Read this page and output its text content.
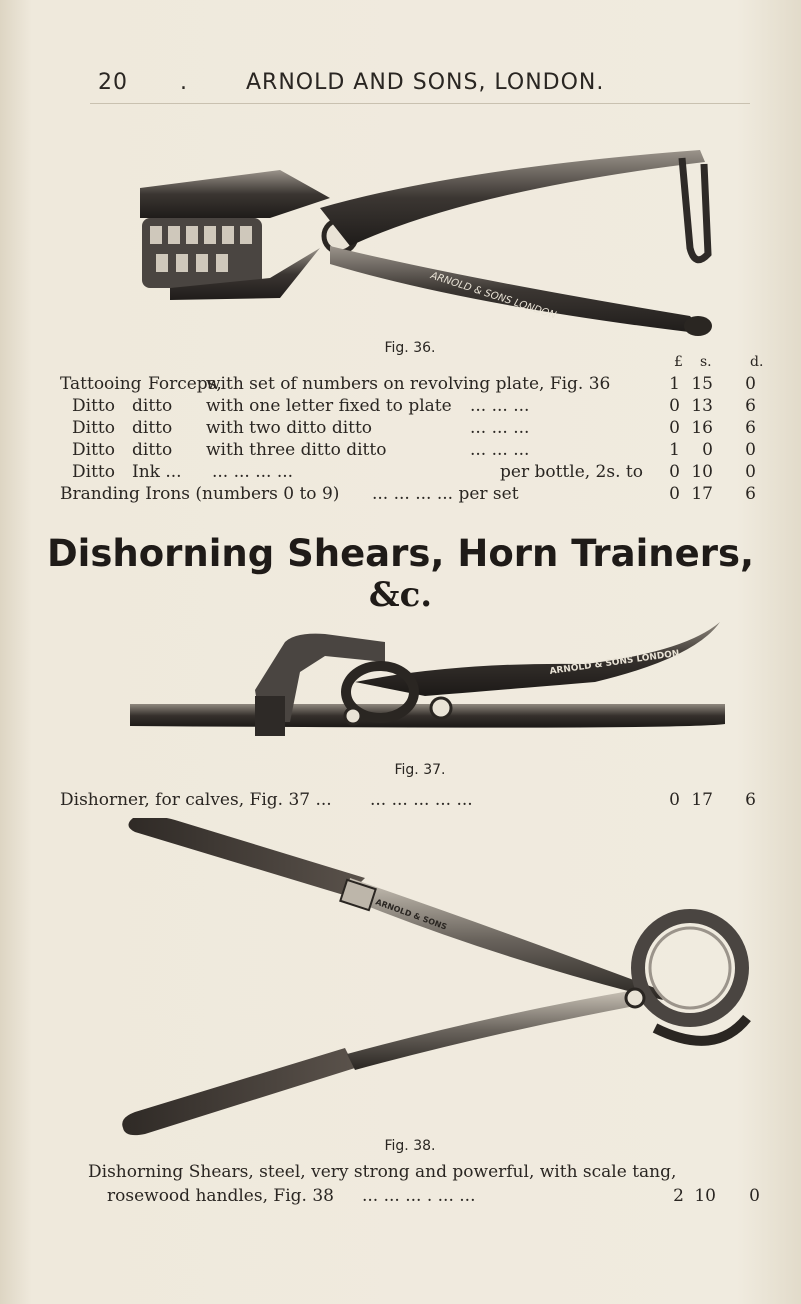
20 .	ARNOLD AND SONS, LONDON.
ARNOLD & SONS LONDON
Fig. 36.
£ s.	d.
Tattooing Forceps,
with set of numbers on revolving plate, Fig. 36	1 15	0
Ditto ditto with one letter fixed to plate ... ... ...	0 13	6
Ditto ditto with two ditto ditto	... ... ...	0 16	6
Ditto ditto with three ditto ditto	... ... ...	1	0	0
Ditto Ink ... ... ... ... ...	per bottle, 2s. to	0 10	0
Branding Irons (numbers 0 to 9) ... ... ... ... per set	0 17	6
Dishorning Shears, Horn Trainers,
&c.
ARNOLD & SONS LONDON
Fig. 37.
Dishorner, for calves, Fig. 37 ... ... ... ... ... ...	0 17	6
ARNOLD & SONS
Fig. 38.
Dishorning Shears, steel, very strong and powerful, with scale tang,
rosewood handles, Fig. 38 ... ... ... . ... ...	2 10	0
